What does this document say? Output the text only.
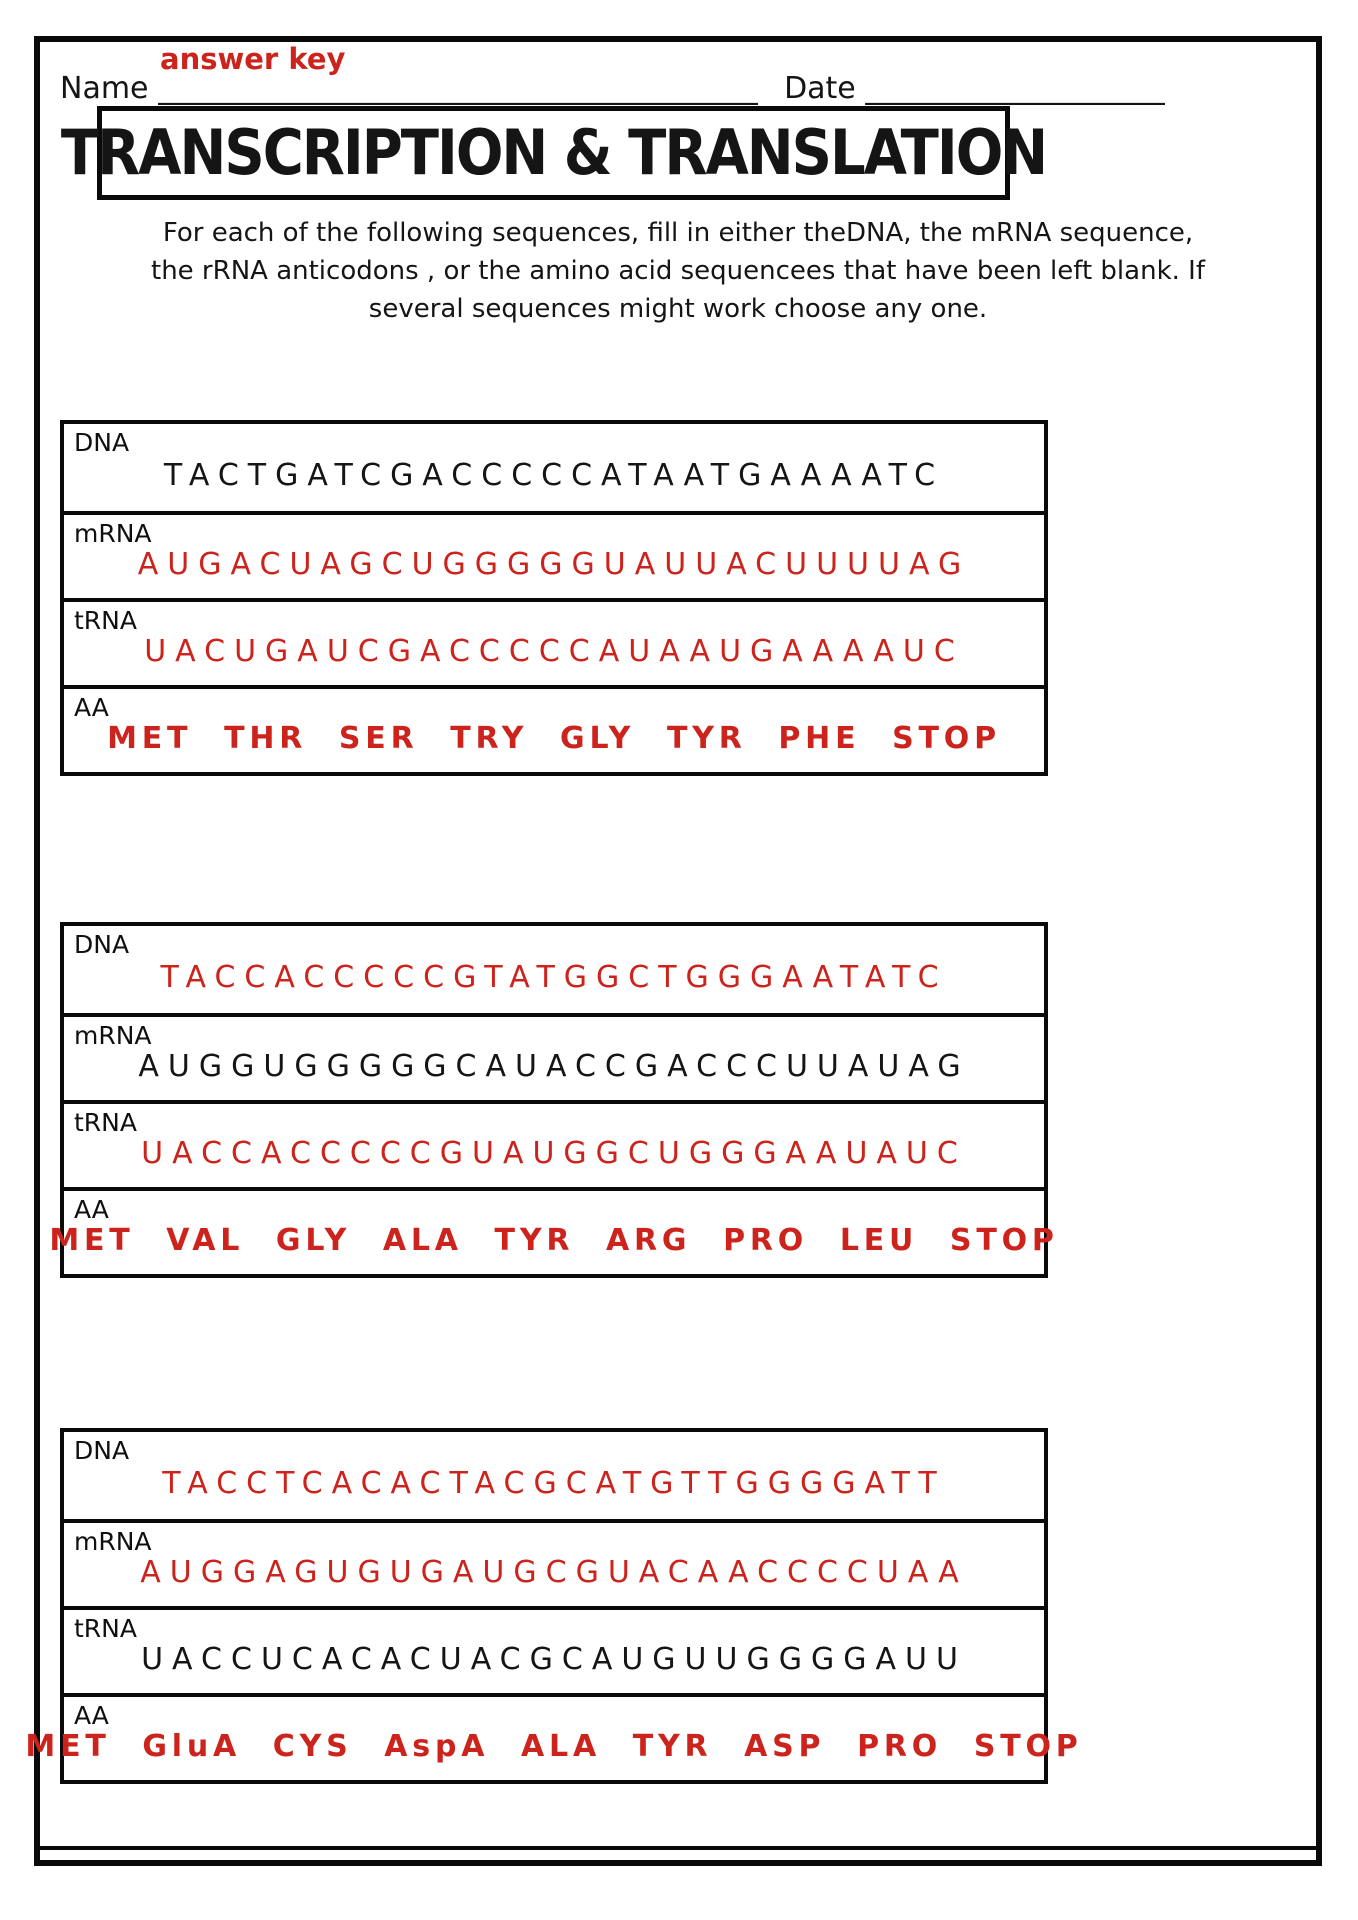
Name
________________________________________ Date
____________________
answer key
TRANSCRIPTION & TRANSLATION
For each of the following sequences, fill in either theDNA, the mRNA sequence, the rRNA anticodons , or the amino acid sequencees that have been left blank. If several sequences might work choose any one.
DNA
TACTGATCGACCCCCATAATGAAAATC
mRNA
AUGACUAGCUGGGGGUAUUACUUUUAG
tRNA
UACUGAUCGACCCCCAUAAUGAAAAUC
AA
MET THR SER TRY GLY TYR PHE STOP
DNA
TACCACCCCCGTATGGCTGGGAATATC
mRNA
AUGGUGGGGGCAUACCGACCCUUAUAG
tRNA
UACCACCCCCGUAUGGCUGGGAAUAUC
AA
MET VAL GLY ALA TYR ARG PRO LEU STOP
DNA
TACCTCACACTACGCATGTTGGGGATT
mRNA
AUGGAGUGUGAUGCGUACAACCCCUAA
tRNA
UACCUCACACUACGCAUGUUGGGGAUU
AA
MET GluA CYS AspA ALA TYR ASP PRO STOP
